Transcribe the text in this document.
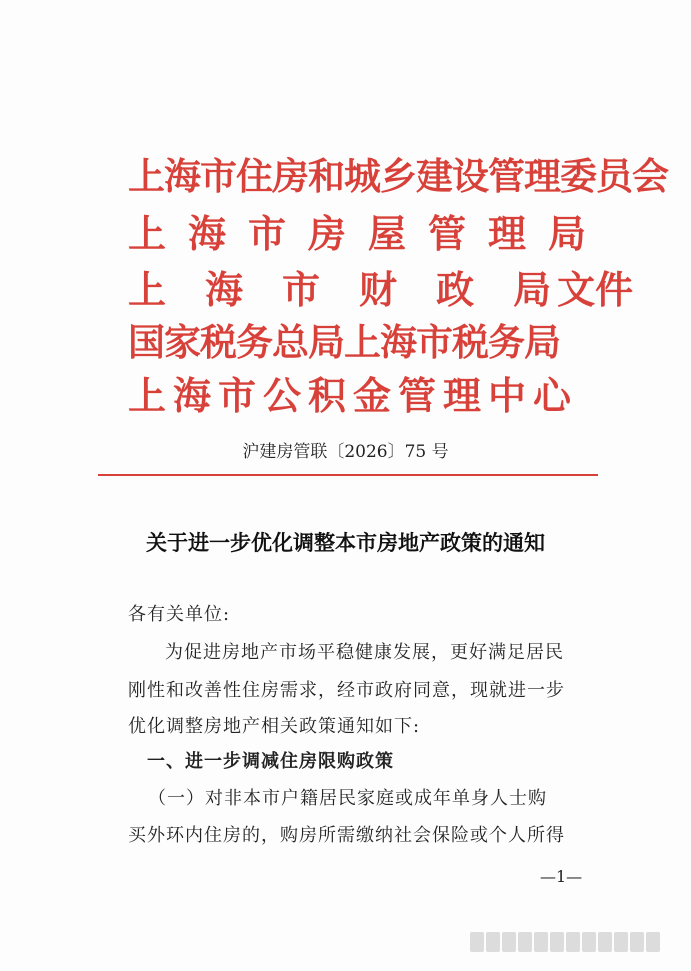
上海市住房和城乡建设管理委员会
上海市房屋管理局
上 海 市 财 政 局 文件
国家税务总局上海市税务局
上海市公积金管理中心
沪建房管联〔2026〕75 号
关于进一步优化调整本市房地产政策的通知
各有关单位:
为促进房地产市场平稳健康发展，更好满足居民
刚性和改善性住房需求，经市政府同意，现就进一步
优化调整房地产相关政策通知如下:
一、进一步调减住房限购政策
（一）对非本市户籍居民家庭或成年单身人士购
买外环内住房的，购房所需缴纳社会保险或个人所得
—1—
